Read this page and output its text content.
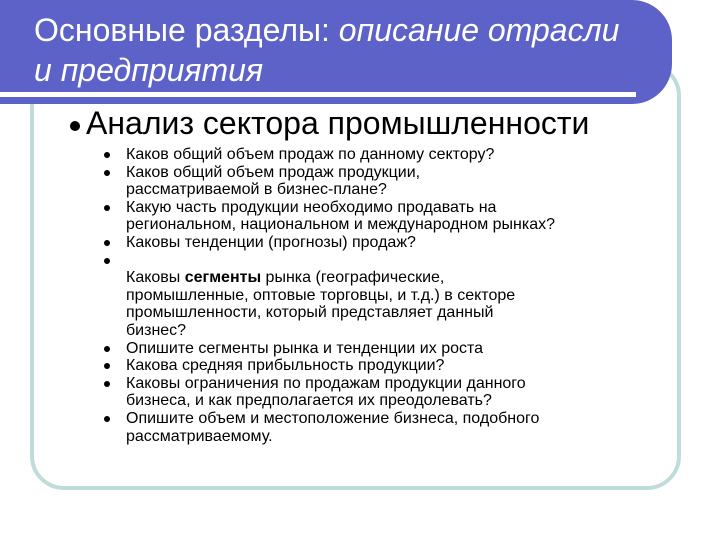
Основные разделы: описание отрасли и предприятия
Анализ сектора промышленности
Каков общий объем продаж по данному сектору?
Каков общий объем продаж продукции,
рассматриваемой в бизнес-плане?
Какую часть продукции необходимо продавать на
региональном, национальном и международном рынках?
Каковы тенденции (прогнозы) продаж?

Каковы сегменты рынка (географические,
промышленные, оптовые торговцы, и т.д.) в секторе
промышленности, который представляет данный
бизнес?

Опишите сегменты рынка и тенденции их роста
Какова средняя прибыльность продукции?
Каковы ограничения по продажам продукции данного
бизнеса, и как предполагается их преодолевать?
Опишите объем и местоположение бизнеса, подобного
рассматриваемому.
